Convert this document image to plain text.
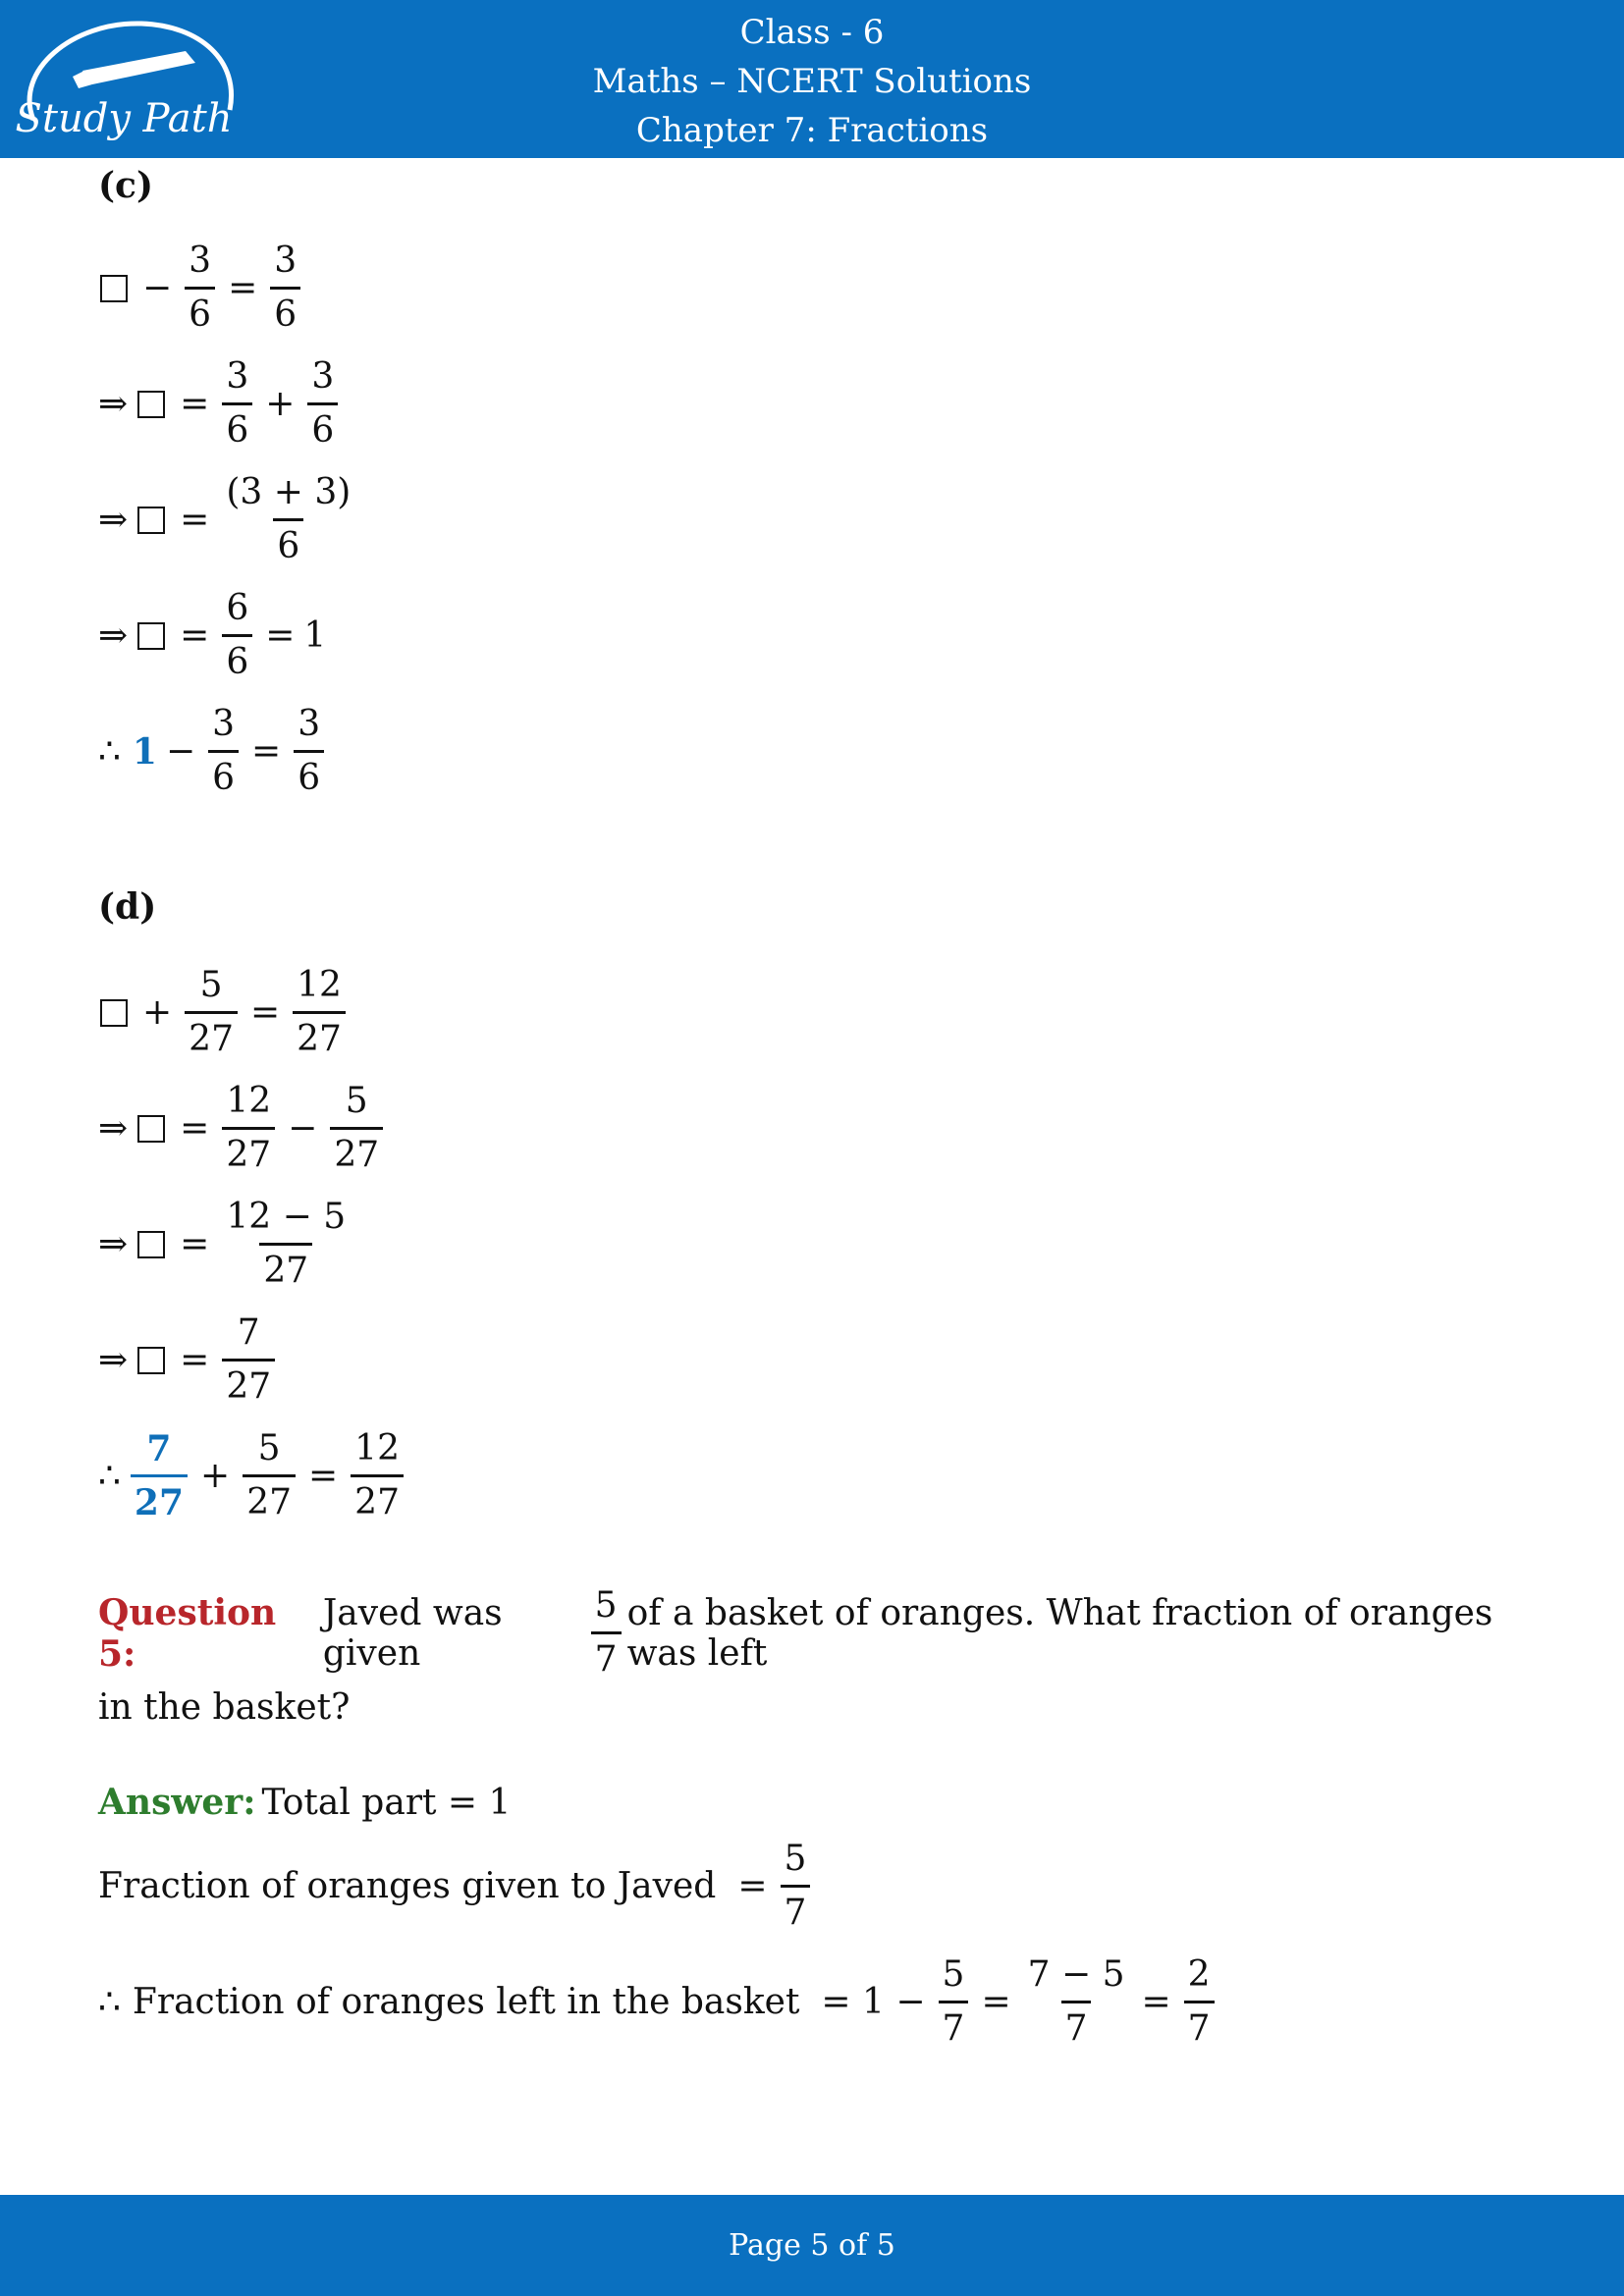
Study Path
Class - 6
Maths – NCERT Solutions
Chapter 7: Fractions
(c)
− $\frac{3}{6} = \frac{3}{6}$
⇒ = $\frac{3}{6} + \frac{3}{6}$
⇒ = $\frac{(3 + 3)}{6}$
⇒ = $\frac{6}{6} = 1$
∴ $1 - \frac{3}{6} = \frac{3}{6}$
(d)
+ $\frac{5}{27} = \frac{12}{27}$
⇒ = $\frac{12}{27} - \frac{5}{27}$
⇒ = $\frac{12 - 5}{27}$
⇒ = $\frac{7}{27}$
∴ $\frac{7}{27} + \frac{5}{27} = \frac{12}{27}$
Question 5:
Javed was given	$\frac{5}{7}$ of a basket of oranges. What fraction of oranges was left
in the basket?
Answer: Total part = 1
Fraction of oranges given to Javed = $\frac{5}{7}$
∴ Fraction of oranges left in the basket = $1 - \frac{5}{7} = \frac{7 - 5}{7} = \frac{2}{7}$
Page 5 of 5
